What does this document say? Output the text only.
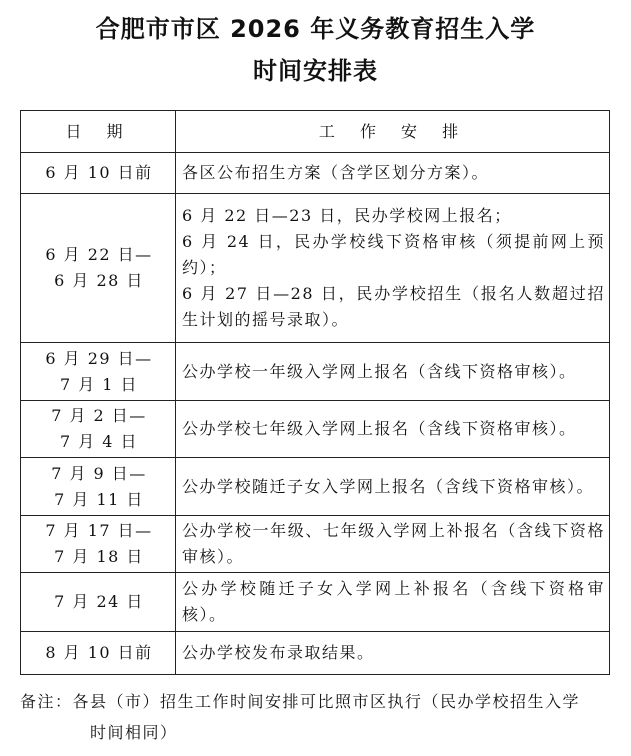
合肥市市区 2026 年义务教育招生入学
时间安排表
日 期	工 作 安 排

6 月 10 日前	各区公布招生方案（含学区划分方案）。

6 月 22 日—
6 月 28 日	6 月 22 日—23 日，民办学校网上报名；
6 月 24 日，民办学校线下资格审核（须提前网上预约）；
6 月 27 日—28 日，民办学校招生（报名人数超过招生计划的摇号录取）。

6 月 29 日—
7 月 1 日	公办学校一年级入学网上报名（含线下资格审核）。

7 月 2 日—
7 月 4 日	公办学校七年级入学网上报名（含线下资格审核）。

7 月 9 日—
7 月 11 日	公办学校随迁子女入学网上报名（含线下资格审核）。

7 月 17 日—
7 月 18 日	公办学校一年级、七年级入学网上补报名（含线下资格审核）。

7 月 24 日	公办学校随迁子女入学网上补报名（含线下资格审核）。

8 月 10 日前	公办学校发布录取结果。
备注：各县（市）招生工作时间安排可比照市区执行（民办学校招生入学
时间相同）
